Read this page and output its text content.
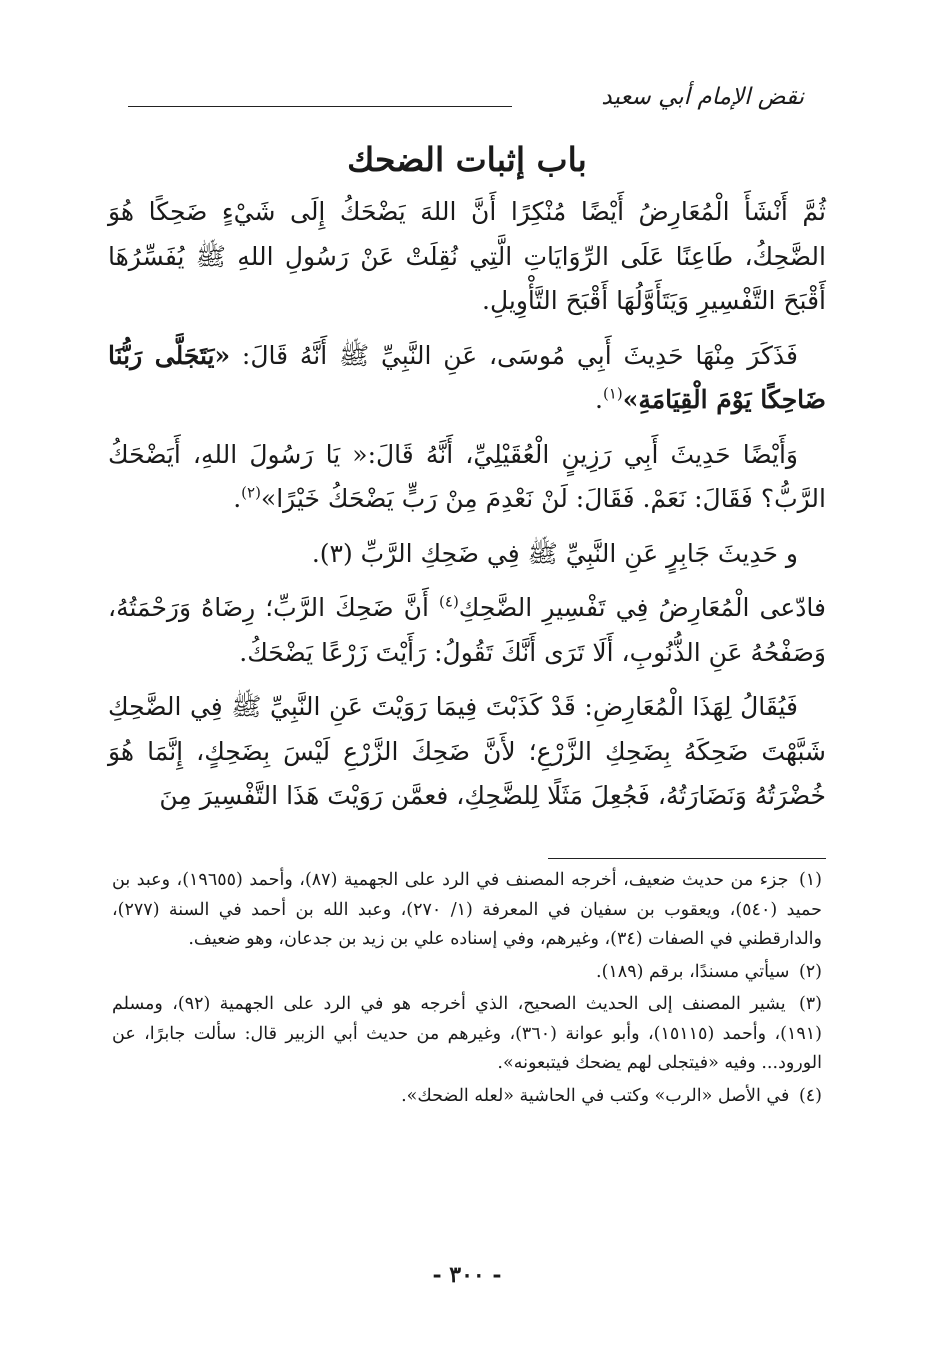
نقض الإمام أبي سعيد
باب إثبات الضحك

ثُمَّ أَنْشَأَ الْمُعَارِضُ أَيْضًا مُنْكِرًا أَنَّ اللهَ يَضْحَكُ إِلَى شَيْءٍ ضَحِكًا هُوَ الضَّحِكُ، طَاعِنًا عَلَى الرِّوَايَاتِ الَّتِي نُقِلَتْ عَنْ رَسُولِ اللهِ ﷺ يُفَسِّرُهَا أَقْبَحَ التَّفْسِيرِ وَيَتَأَوَّلُهَا أَقْبَحَ التَّأْوِيلِ.

فَذَكَرَ مِنْهَا حَدِيثَ أَبِي مُوسَى، عَنِ النَّبِيِّ ﷺ أَنَّهُ قَالَ: «يَتَجَلَّى رَبُّنَا ضَاحِكًا يَوْمَ الْقِيَامَةِ»$^{(١)}$.

وَأَيْضًا حَدِيثَ أَبِي رَزِينٍ الْعُقَيْلِيِّ، أَنَّهُ قَالَ:« يَا رَسُولَ اللهِ، أَيَضْحَكُ الرَّبُّ؟ فَقَالَ: نَعَمْ. فَقَالَ: لَنْ نَعْدِمَ مِنْ رَبٍّ يَضْحَكُ خَيْرًا»$^{(٢)}$.

و حَدِيثَ جَابِرٍ عَنِ النَّبِيِّ ﷺ فِي ضَحِكِ الرَّبِّ (٣).

فادّعى الْمُعَارِضُ فِي تَفْسِيرِ الضَّحِكِ$^{(٤)}$ أَنَّ ضَحِكَ الرَّبِّ؛ رِضَاهُ وَرَحْمَتُهُ، وَصَفْحُهُ عَنِ الذُّنُوبِ، أَلَا تَرَى أَنَّكَ تَقُولُ: رَأَيْتَ زَرْعًا يَضْحَكُ.

فَيُقَالُ لِهَذَا الْمُعَارِضِ: قَدْ كَذَبْتَ فِيمَا رَوَيْتَ عَنِ النَّبِيِّ ﷺ فِي الضَّحِكِ شَبَّهْتَ ضَحِكَهُ بِضَحِكِ الزَّرْعِ؛ لأَنَّ ضَحِكَ الزَّرْعِ لَيْسَ بِضَحِكٍ، إِنَّمَا هُوَ خُضْرَتُهُ وَنَضَارَتُهُ، فَجُعِلَ مَثَلًا لِلضَّحِكِ، فعمَّن رَوَيْتَ هَذَا التَّفْسِيرَ مِنَ

(١) جزء من حديث ضعيف، أخرجه المصنف في الرد على الجهمية (٨٧)، وأحمد (١٩٦٥٥)، وعبد بن حميد (٥٤٠)، ويعقوب بن سفيان في المعرفة (١/ ٢٧٠)، وعبد الله بن أحمد في السنة (٢٧٧)، والدارقطني في الصفات (٣٤)، وغيرهم، وفي إسناده علي بن زيد بن جدعان، وهو ضعيف.

(٢) سيأتي مسندًا، برقم (١٨٩).

(٣) يشير المصنف إلى الحديث الصحيح، الذي أخرجه هو في الرد على الجهمية (٩٢)، ومسلم (١٩١)، وأحمد (١٥١١٥)، وأبو عوانة (٣٦٠)، وغيرهم من حديث أبي الزبير قال: سألت جابرًا، عن الورود... وفيه «فيتجلى لهم يضحك فيتبعونه».

(٤) في الأصل «الرب» وكتب في الحاشية «لعله الضحك».

- ٣٠٠ -
